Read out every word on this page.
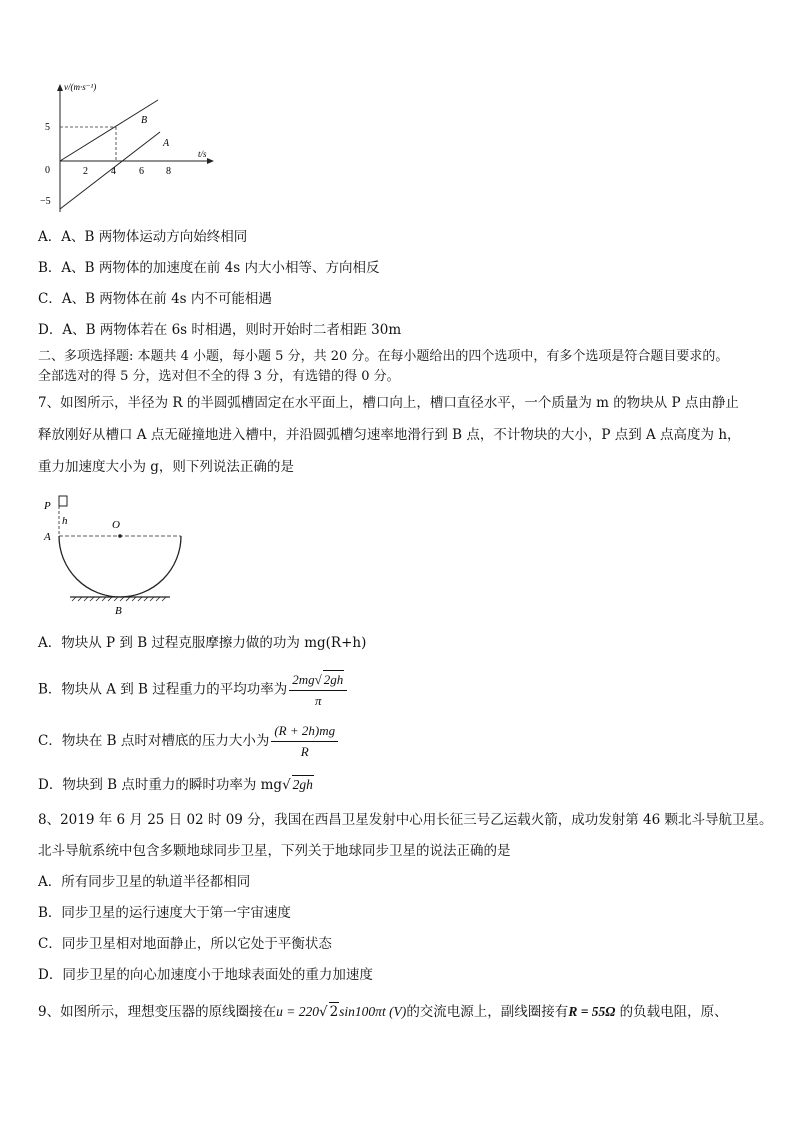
v/(m·s⁻¹)
t/s
5
0
−5
2 4 6 8
B
A
A．A、B 两物体运动方向始终相同
B．A、B 两物体的加速度在前 4s 内大小相等、方向相反
C．A、B 两物体在前 4s 内不可能相遇
D．A、B 两物体若在 6s 时相遇，则时开始时二者相距 30m
二、多项选择题: 本题共 4 小题，每小题 5 分，共 20 分。在每小题给出的四个选项中，有多个选项是符合题目要求的。
全部选对的得 5 分，选对但不全的得 3 分，有选错的得 0 分。
7、如图所示，半径为 R 的半圆弧槽固定在水平面上，槽口向上，槽口直径水平，一个质量为 m 的物块从 P 点由静止
释放刚好从槽口 A 点无碰撞地进入槽中，并沿圆弧槽匀速率地滑行到 B 点，不计物块的大小，P 点到 A 点高度为 h，
重力加速度大小为 g，则下列说法正确的是
P
h	O
A
B
A．物块从 P 到 B 过程克服摩擦力做的功为 mg(R+h)
B．物块从 A 到 B 过程重力的平均功率为 $\frac{2mg√ 2gh}{\pi}$
C．物块在 B 点时对槽底的压力大小为 $\frac{(R + 2h)mg}{R}$
D．物块到 B 点时重力的瞬时功率为 mg√ 2gh
8、2019 年 6 月 25 日 02 时 09 分，我国在西昌卫星发射中心用长征三号乙运载火箭，成功发射第 46 颗北斗导航卫星。
北斗导航系统中包含多颗地球同步卫星，下列关于地球同步卫星的说法正确的是
A．所有同步卫星的轨道半径都相同
B．同步卫星的运行速度大于第一宇宙速度
C．同步卫星相对地面静止，所以它处于平衡状态
D．同步卫星的向心加速度小于地球表面处的重力加速度
9、如图所示，理想变压器的原线圈接在u = 220√ 2sin100πt (V)的交流电源上，副线圈接有R = 55Ω 的负载电阻，原、
